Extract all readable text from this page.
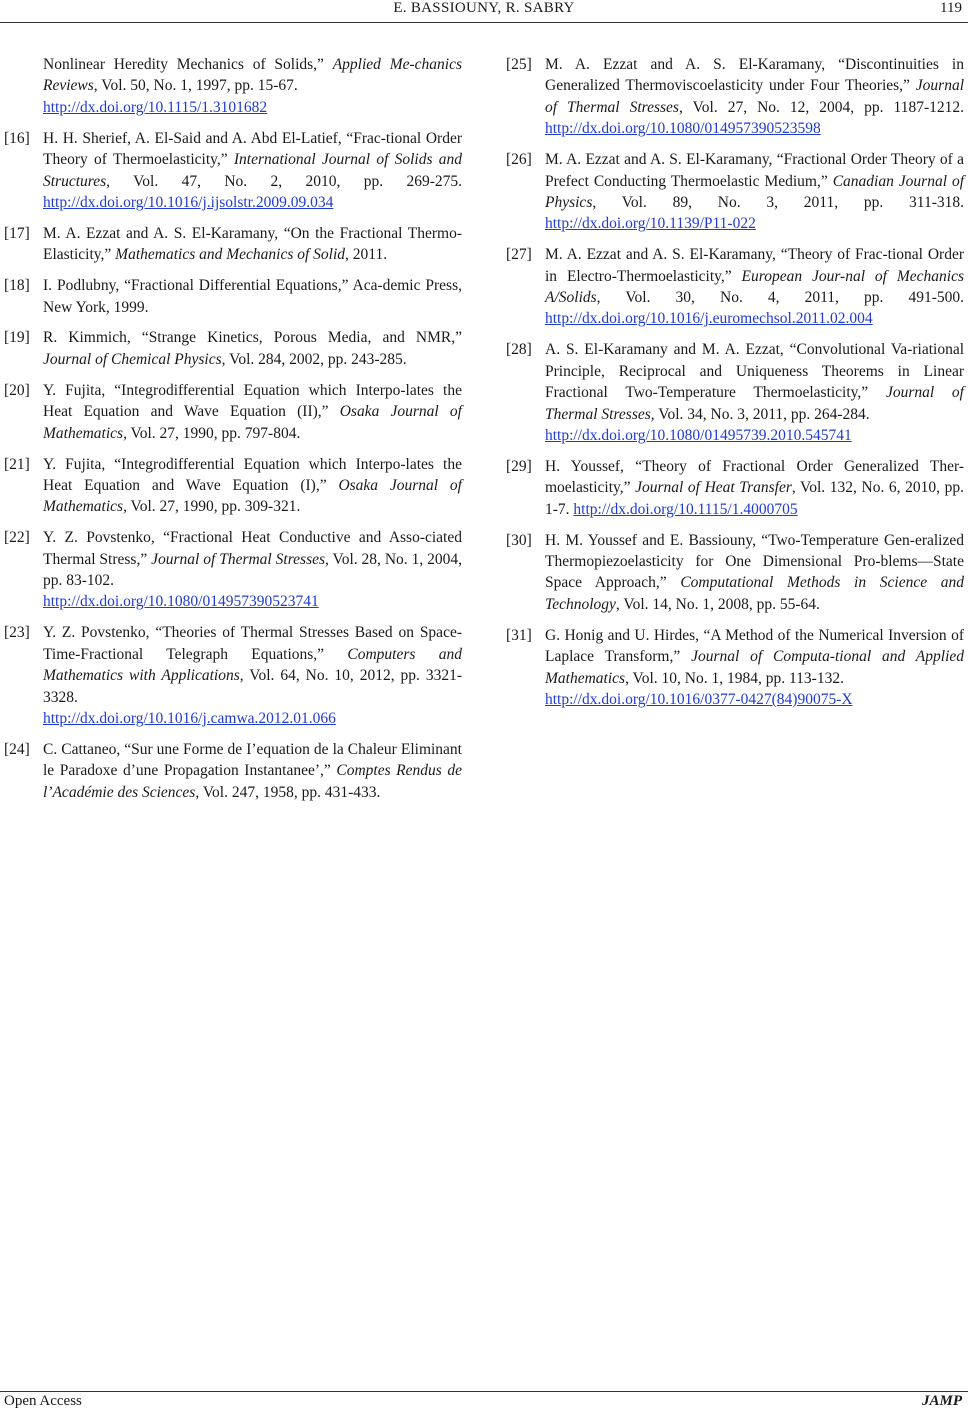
E. BASSIOUNY, R. SABRY	119
Nonlinear Heredity Mechanics of Solids,” Applied Me-chanics Reviews, Vol. 50, No. 1, 1997, pp. 15-67.
http://dx.doi.org/10.1115/1.3101682
[16] H. H. Sherief, A. El-Said and A. Abd El-Latief, “Frac-tional Order Theory of Thermoelasticity,” International Journal of Solids and Structures, Vol. 47, No. 2, 2010, pp. 269-275. http://dx.doi.org/10.1016/j.ijsolstr.2009.09.034
[17] M. A. Ezzat and A. S. El-Karamany, “On the Fractional Thermo-Elasticity,” Mathematics and Mechanics of Solid, 2011.
[18] I. Podlubny, “Fractional Differential Equations,” Aca-demic Press, New York, 1999.
[19] R. Kimmich, “Strange Kinetics, Porous Media, and NMR,” Journal of Chemical Physics, Vol. 284, 2002, pp. 243-285.
[20] Y. Fujita, “Integrodifferential Equation which Interpo-lates the Heat Equation and Wave Equation (II),” Osaka Journal of Mathematics, Vol. 27, 1990, pp. 797-804.
[21] Y. Fujita, “Integrodifferential Equation which Interpo-lates the Heat Equation and Wave Equation (I),” Osaka Journal of Mathematics, Vol. 27, 1990, pp. 309-321.
[22] Y. Z. Povstenko, “Fractional Heat Conductive and Asso-ciated Thermal Stress,” Journal of Thermal Stresses, Vol. 28, No. 1, 2004, pp. 83-102.
http://dx.doi.org/10.1080/014957390523741
[23] Y. Z. Povstenko, “Theories of Thermal Stresses Based on Space-Time-Fractional Telegraph Equations,” Computers and Mathematics with Applications, Vol. 64, No. 10, 2012, pp. 3321-3328.
http://dx.doi.org/10.1016/j.camwa.2012.01.066
[24] C. Cattaneo, “Sur une Forme de I’equation de la Chaleur Eliminant le Paradoxe d’une Propagation Instantanee’,” Comptes Rendus de l’Académie des Sciences, Vol. 247, 1958, pp. 431-433.
[25] M. A. Ezzat and A. S. El-Karamany, “Discontinuities in Generalized Thermoviscoelasticity under Four Theories,” Journal of Thermal Stresses, Vol. 27, No. 12, 2004, pp. 1187-1212. http://dx.doi.org/10.1080/014957390523598
[26] M. A. Ezzat and A. S. El-Karamany, “Fractional Order Theory of a Prefect Conducting Thermoelastic Medium,” Canadian Journal of Physics, Vol. 89, No. 3, 2011, pp. 311-318. http://dx.doi.org/10.1139/P11-022
[27] M. A. Ezzat and A. S. El-Karamany, “Theory of Frac-tional Order in Electro-Thermoelasticity,” European Jour-nal of Mechanics A/Solids, Vol. 30, No. 4, 2011, pp. 491-500. http://dx.doi.org/10.1016/j.euromechsol.2011.02.004
[28] A. S. El-Karamany and M. A. Ezzat, “Convolutional Va-riational Principle, Reciprocal and Uniqueness Theorems in Linear Fractional Two-Temperature Thermoelasticity,” Journal of Thermal Stresses, Vol. 34, No. 3, 2011, pp. 264-284.
http://dx.doi.org/10.1080/01495739.2010.545741
[29] H. Youssef, “Theory of Fractional Order Generalized Ther-moelasticity,” Journal of Heat Transfer, Vol. 132, No. 6, 2010, pp. 1-7. http://dx.doi.org/10.1115/1.4000705
[30] H. M. Youssef and E. Bassiouny, “Two-Temperature Gen-eralized Thermopiezoelasticity for One Dimensional Pro-blems—State Space Approach,” Computational Methods in Science and Technology, Vol. 14, No. 1, 2008, pp. 55-64.
[31] G. Honig and U. Hirdes, “A Method of the Numerical Inversion of Laplace Transform,” Journal of Computa-tional and Applied Mathematics, Vol. 10, No. 1, 1984, pp. 113-132.
http://dx.doi.org/10.1016/0377-0427(84)90075-X
Open Access	JAMP
